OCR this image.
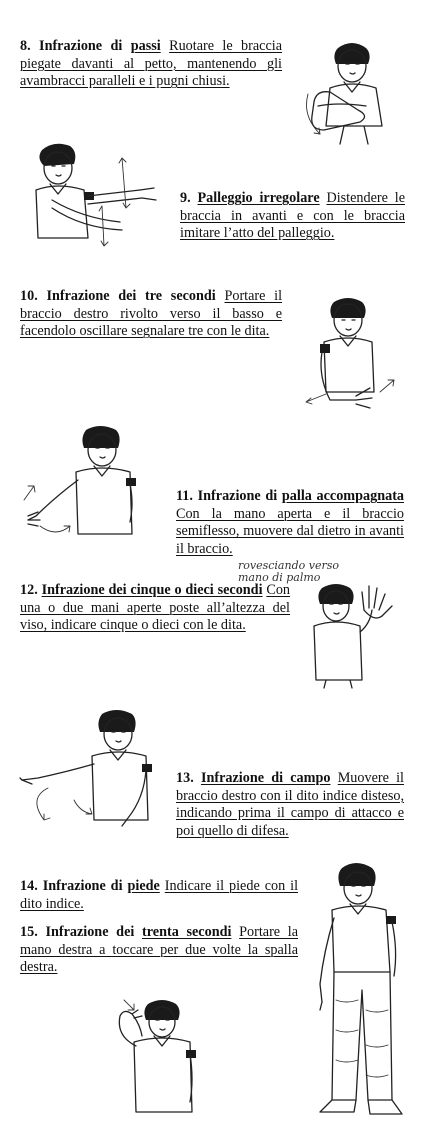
8. Infrazione di passi Ruotare le braccia piegate davanti al petto, mantenendo gli avambracci paralleli e i pugni chiusi.

9. Palleggio irregolare Distendere le braccia in avanti e con le braccia imitare l’atto del palleggio.

10. Infrazione dei tre secondi Portare il braccio destro rivolto verso il basso e facendolo oscillare segnalare tre con le dita.

11. Infrazione di palla accompagnata Con la mano aperta e il braccio semiflesso, muovere dal dietro in avanti il braccio.

rovesciando verso
mano di palmo

12. Infrazione dei cinque o dieci secondi Con una o due mani aperte poste all’altezza del viso, indicare cinque o dieci con le dita.

13. Infrazione di campo Muovere il braccio destro con il dito indice disteso, indicando prima il campo di attacco e poi quello di difesa.

14. Infrazione di piede Indicare il piede con il dito indice.

15. Infrazione dei trenta secondi Portare la mano destra a toccare per due volte la spalla destra.
